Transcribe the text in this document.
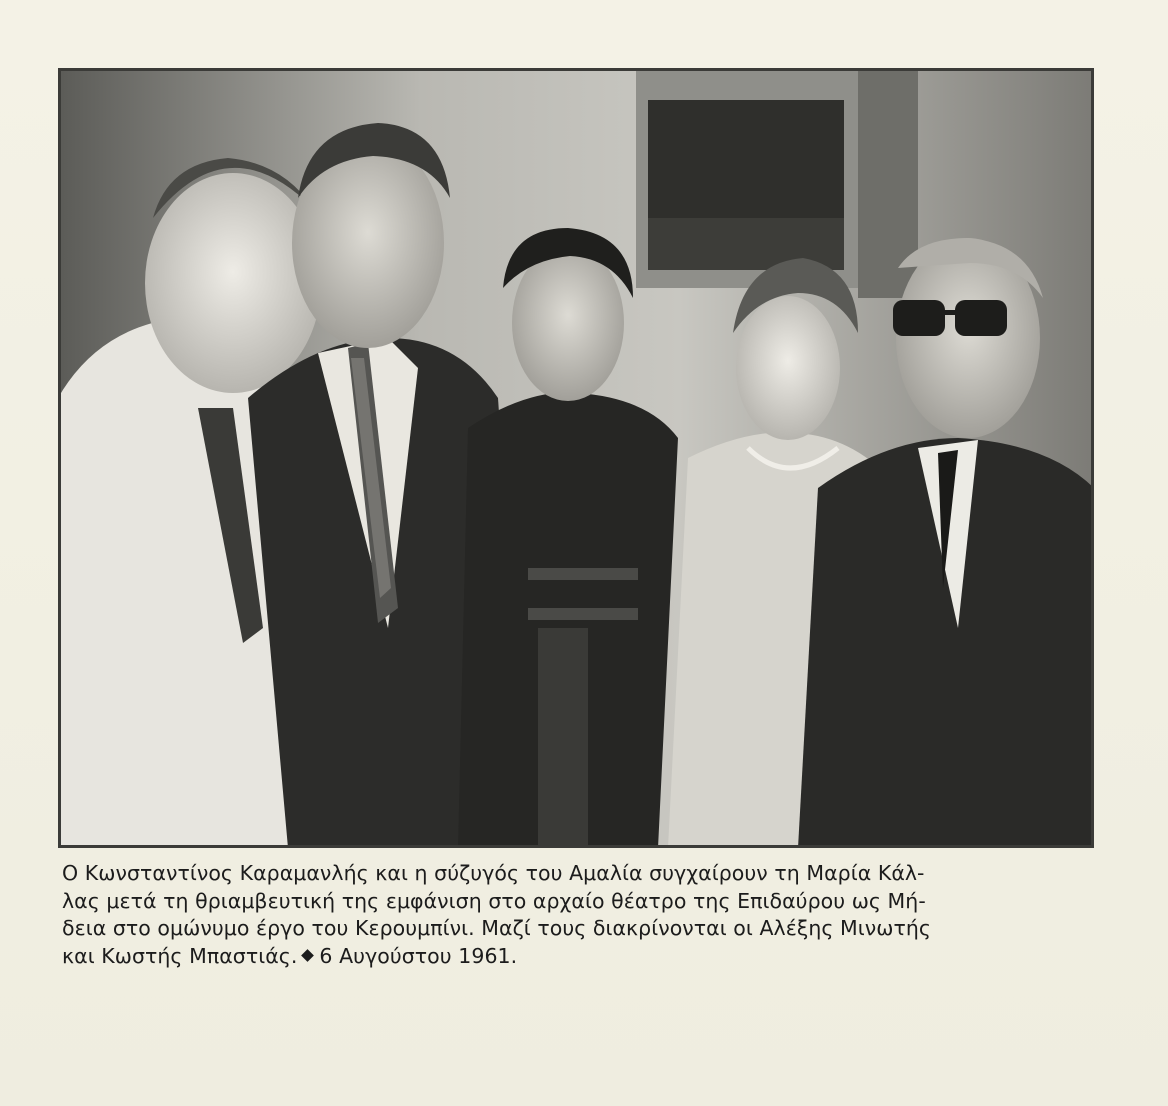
Ο Κωνσταντίνος Καραμανλής και η σύζυγός του Αμαλία συγχαίρουν τη Μαρία Κάλ-
λας μετά τη θριαμβευτική της εμφάνιση στο αρχαίο θέατρο της Επιδαύρου ως Μή-
δεια στο ομώνυμο έργο του Κερουμπίνι. Μαζί τους διακρίνονται οι Αλέξης Μινωτής
και Κωστής Μπαστιάς. 6 Αυγούστου 1961.
